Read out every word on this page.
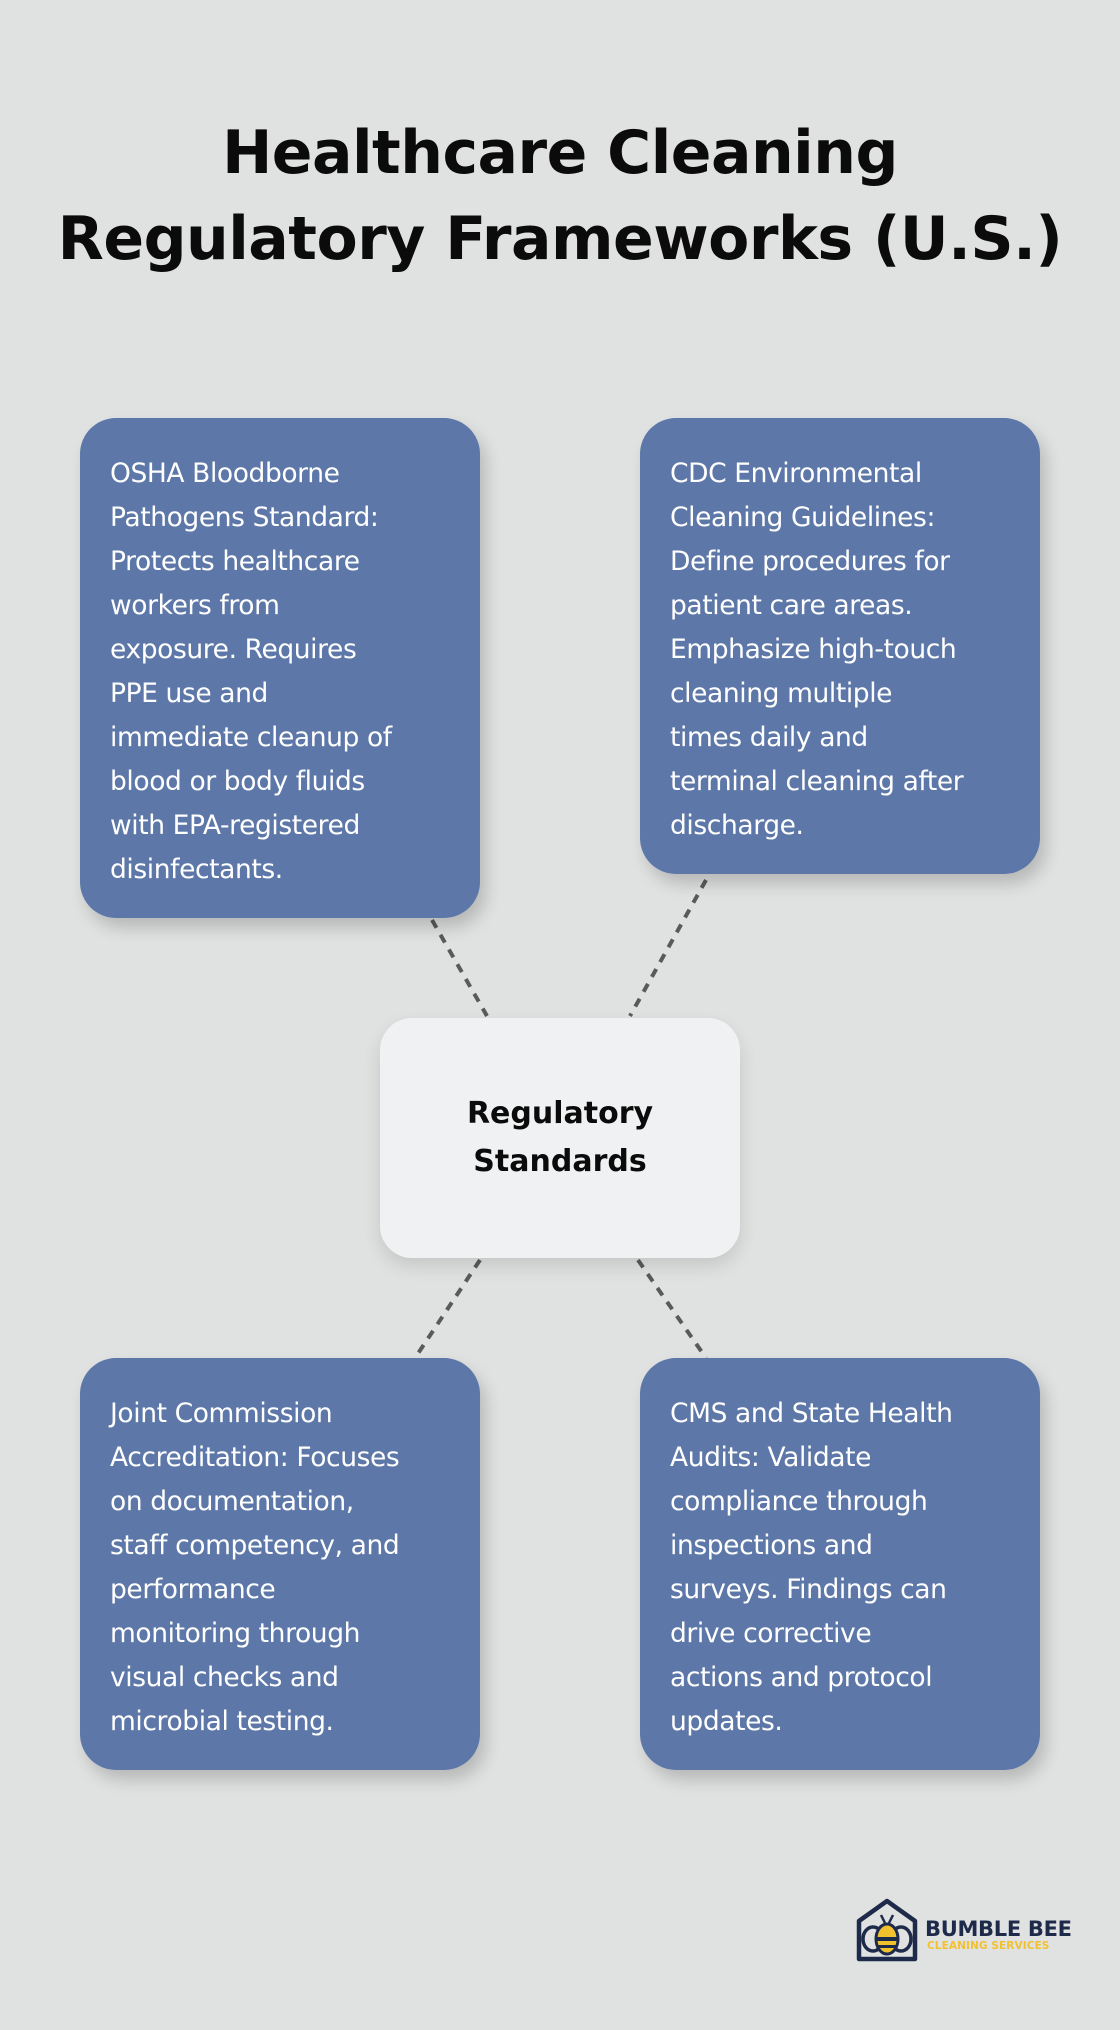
Healthcare Cleaning
Regulatory Frameworks (U.S.)
OSHA Bloodborne
Pathogens Standard:
Protects healthcare
workers from
exposure. Requires
PPE use and
immediate cleanup of
blood or body fluids
with EPA-registered
disinfectants.
CDC Environmental
Cleaning Guidelines:
Define procedures for
patient care areas.
Emphasize high-touch
cleaning multiple
times daily and
terminal cleaning after
discharge.
Regulatory
Standards
Joint Commission
Accreditation: Focuses
on documentation,
staff competency, and
performance
monitoring through
visual checks and
microbial testing.
CMS and State Health
Audits: Validate
compliance through
inspections and
surveys. Findings can
drive corrective
actions and protocol
updates.
BUMBLE BEE
CLEANING SERVICES
